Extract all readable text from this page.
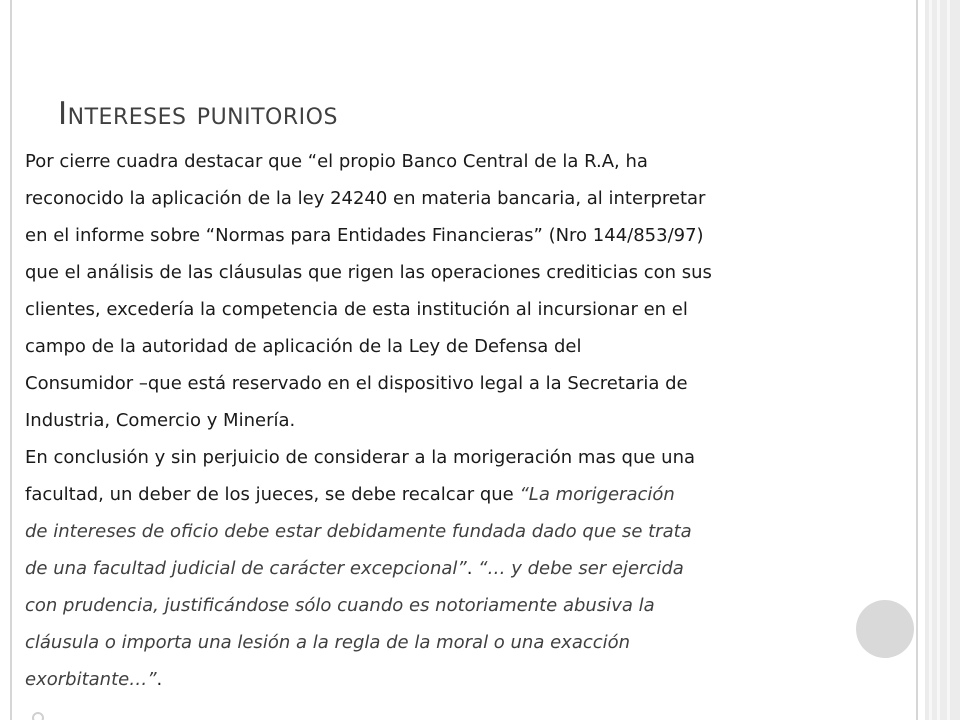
Intereses punitorios
Por cierre cuadra destacar que “el propio Banco Central de la R.A, ha
reconocido la aplicación de la ley 24240 en materia bancaria, al interpretar
en el informe sobre “Normas para Entidades Financieras” (Nro 144/853/97)
que el análisis de las cláusulas que rigen las operaciones crediticias con sus
clientes, excedería la competencia de esta institución al incursionar en el
campo de la autoridad de aplicación de la Ley de Defensa del
Consumidor –que está reservado en el dispositivo legal a la Secretaria de
Industria, Comercio y Minería.
En conclusión y sin perjuicio de considerar a la morigeración mas que una
facultad, un deber de los jueces, se debe recalcar que “La morigeración
de intereses de oficio debe estar debidamente fundada dado que se trata
de una facultad judicial de carácter excepcional”. “… y debe ser ejercida
con prudencia, justificándose sólo cuando es notoriamente abusiva la
cláusula o importa una lesión a la regla de la moral o una exacción
exorbitante…”.
